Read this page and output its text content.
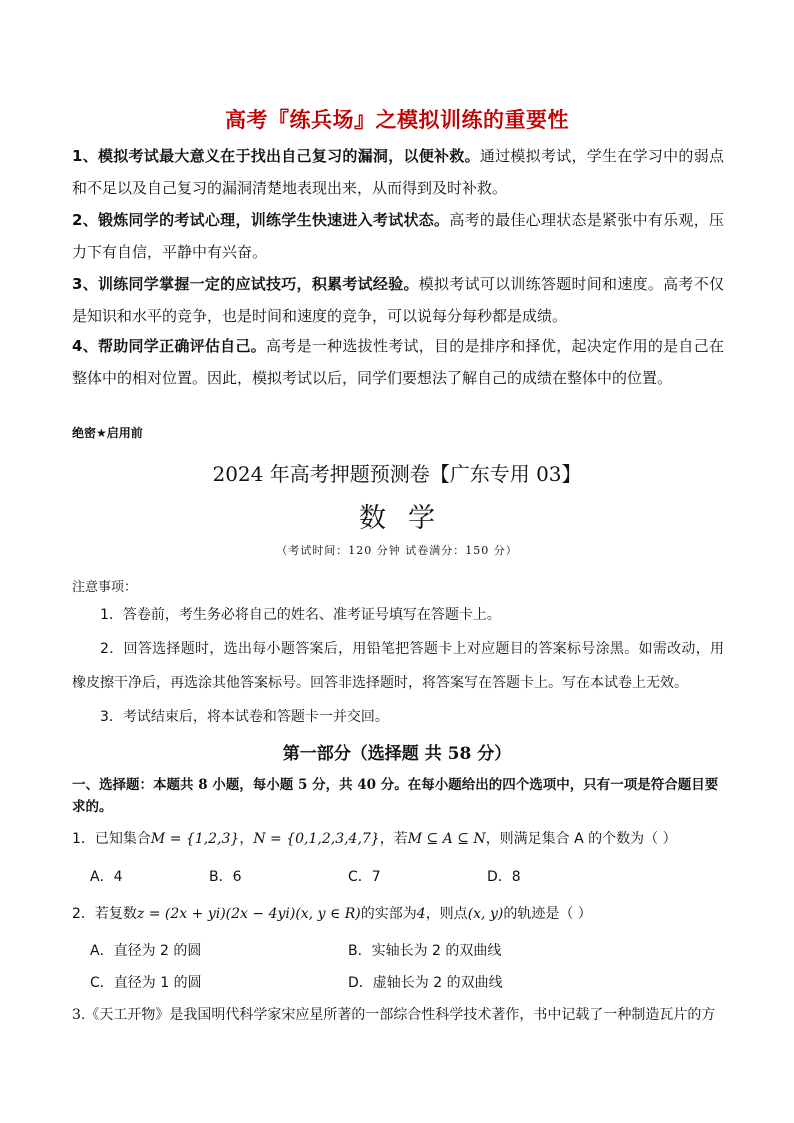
高考『练兵场』之模拟训练的重要性
1、模拟考试最大意义在于找出自己复习的漏洞，以便补救。通过模拟考试，学生在学习中的弱点和不足以及自己复习的漏洞清楚地表现出来，从而得到及时补救。
2、锻炼同学的考试心理，训练学生快速进入考试状态。高考的最佳心理状态是紧张中有乐观，压力下有自信，平静中有兴奋。
3、训练同学掌握一定的应试技巧，积累考试经验。模拟考试可以训练答题时间和速度。高考不仅是知识和水平的竞争，也是时间和速度的竞争，可以说每分每秒都是成绩。
4、帮助同学正确评估自己。高考是一种选拔性考试，目的是排序和择优，起决定作用的是自己在整体中的相对位置。因此，模拟考试以后，同学们要想法了解自己的成绩在整体中的位置。
绝密★启用前
2024 年高考押题预测卷【广东专用 03】
数学
（考试时间：120 分钟 试卷满分：150 分）
注意事项：
1．答卷前，考生务必将自己的姓名、准考证号填写在答题卡上。
2．回答选择题时，选出每小题答案后，用铅笔把答题卡上对应题目的答案标号涂黑。如需改动，用橡皮擦干净后，再选涂其他答案标号。回答非选择题时，将答案写在答题卡上。写在本试卷上无效。
3．考试结束后，将本试卷和答题卡一并交回。
第一部分（选择题 共 58 分）
一、选择题：本题共 8 小题，每小题 5 分，共 40 分。在每小题给出的四个选项中，只有一项是符合题目要求的。
1．已知集合M = {1,2,3}，N = {0,1,2,3,4,7}，若M ⊆ A ⊆ N，则满足集合 A 的个数为（ ）
A．4	B．6	C．7	D．8
2．若复数z = (2x + yi)(2x − 4yi)(x, y ∈ R)的实部为4，则点(x, y)的轨迹是（ ）
A．直径为 2 的圆	B．实轴长为 2 的双曲线
C．直径为 1 的圆	D．虚轴长为 2 的双曲线
3.《天工开物》是我国明代科学家宋应星所著的一部综合性科学技术著作，书中记载了一种制造瓦片的方
